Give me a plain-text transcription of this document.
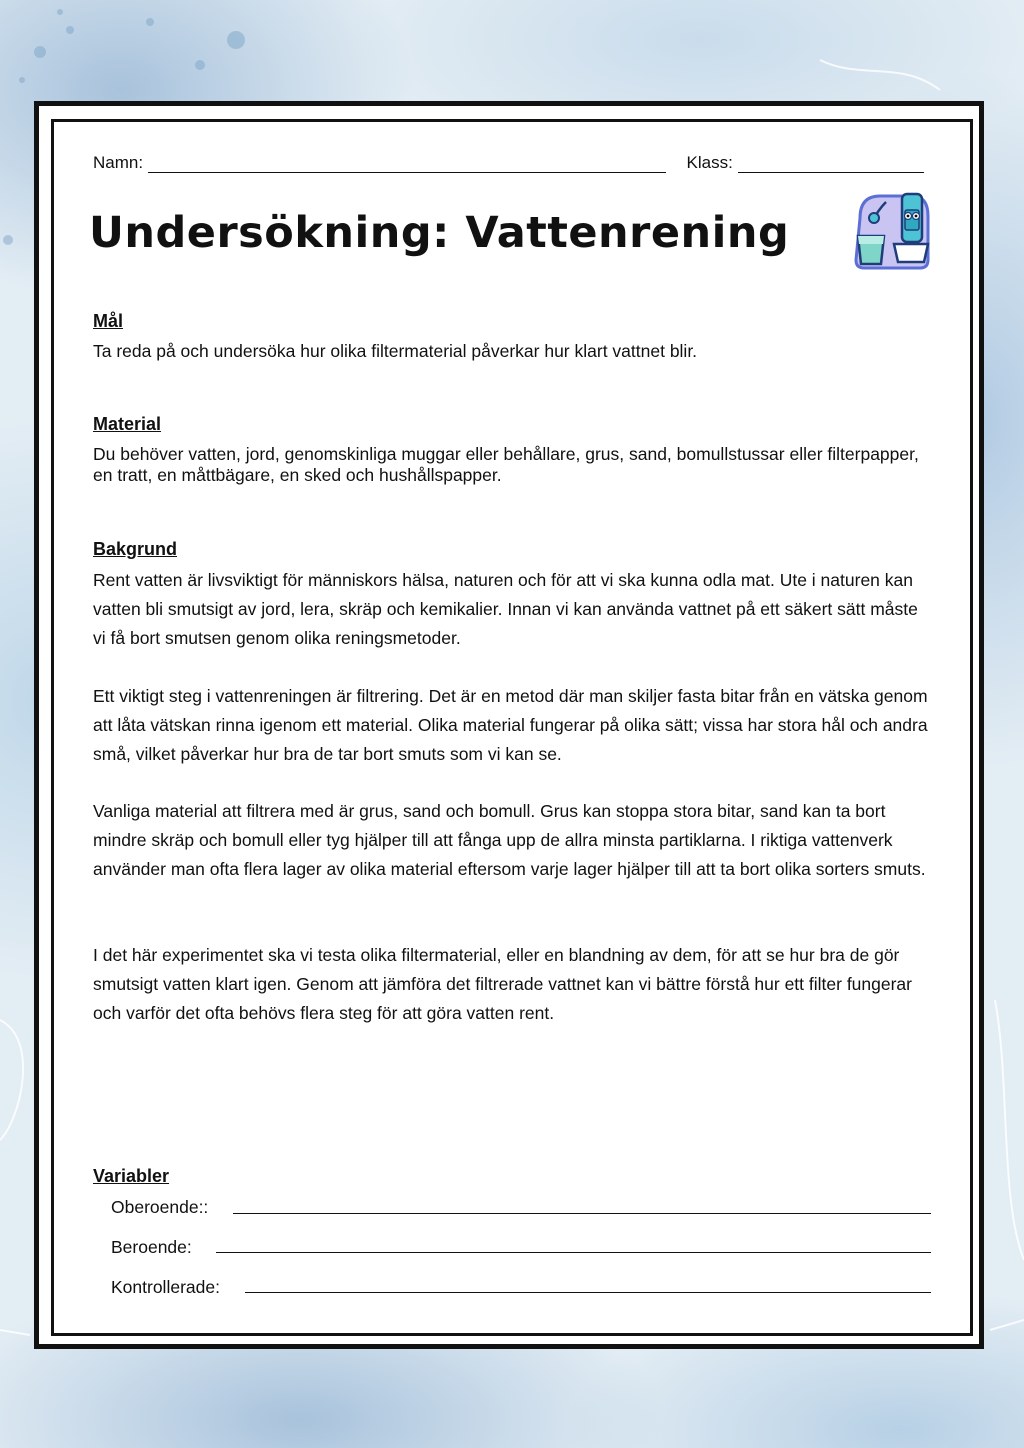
Namn:	Klass:
Undersökning: Vattenrening
Mål

Ta reda på och undersöka hur olika filtermaterial påverkar hur klart vattnet blir.

Material

Du behöver vatten, jord, genomskinliga muggar eller behållare, grus, sand, bomullstussar eller filterpapper, en tratt, en måttbägare, en sked och hushållspapper.

Bakgrund

Rent vatten är livsviktigt för människors hälsa, naturen och för att vi ska kunna odla mat. Ute i naturen kan vatten bli smutsigt av jord, lera, skräp och kemikalier. Innan vi kan använda vattnet på ett säkert sätt måste vi få bort smutsen genom olika reningsmetoder.

Ett viktigt steg i vattenreningen är filtrering. Det är en metod där man skiljer fasta bitar från en vätska genom att låta vätskan rinna igenom ett material. Olika material fungerar på olika sätt; vissa har stora hål och andra små, vilket påverkar hur bra de tar bort smuts som vi kan se.

Vanliga material att filtrera med är grus, sand och bomull. Grus kan stoppa stora bitar, sand kan ta bort mindre skräp och bomull eller tyg hjälper till att fånga upp de allra minsta partiklarna. I riktiga vattenverk använder man ofta flera lager av olika material eftersom varje lager hjälper till att ta bort olika sorters smuts.

I det här experimentet ska vi testa olika filtermaterial, eller en blandning av dem, för att se hur bra de gör smutsigt vatten klart igen. Genom att jämföra det filtrerade vattnet kan vi bättre förstå hur ett filter fungerar och varför det ofta behövs flera steg för att göra vatten rent.

Variabler
Oberoende::
Beroende:
Kontrollerade:
